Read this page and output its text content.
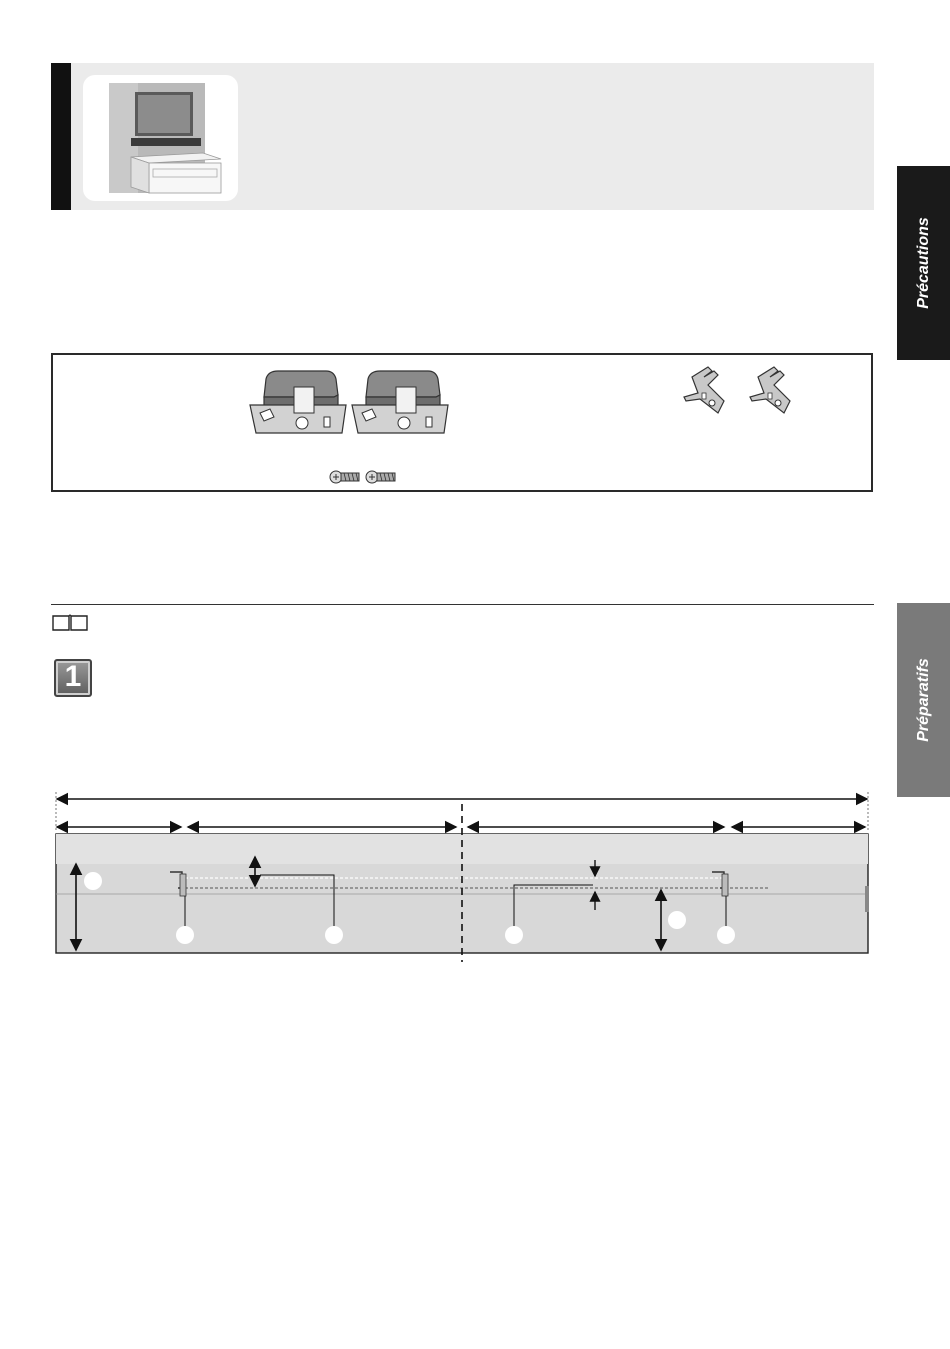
Précautions
Préparatifs
1
